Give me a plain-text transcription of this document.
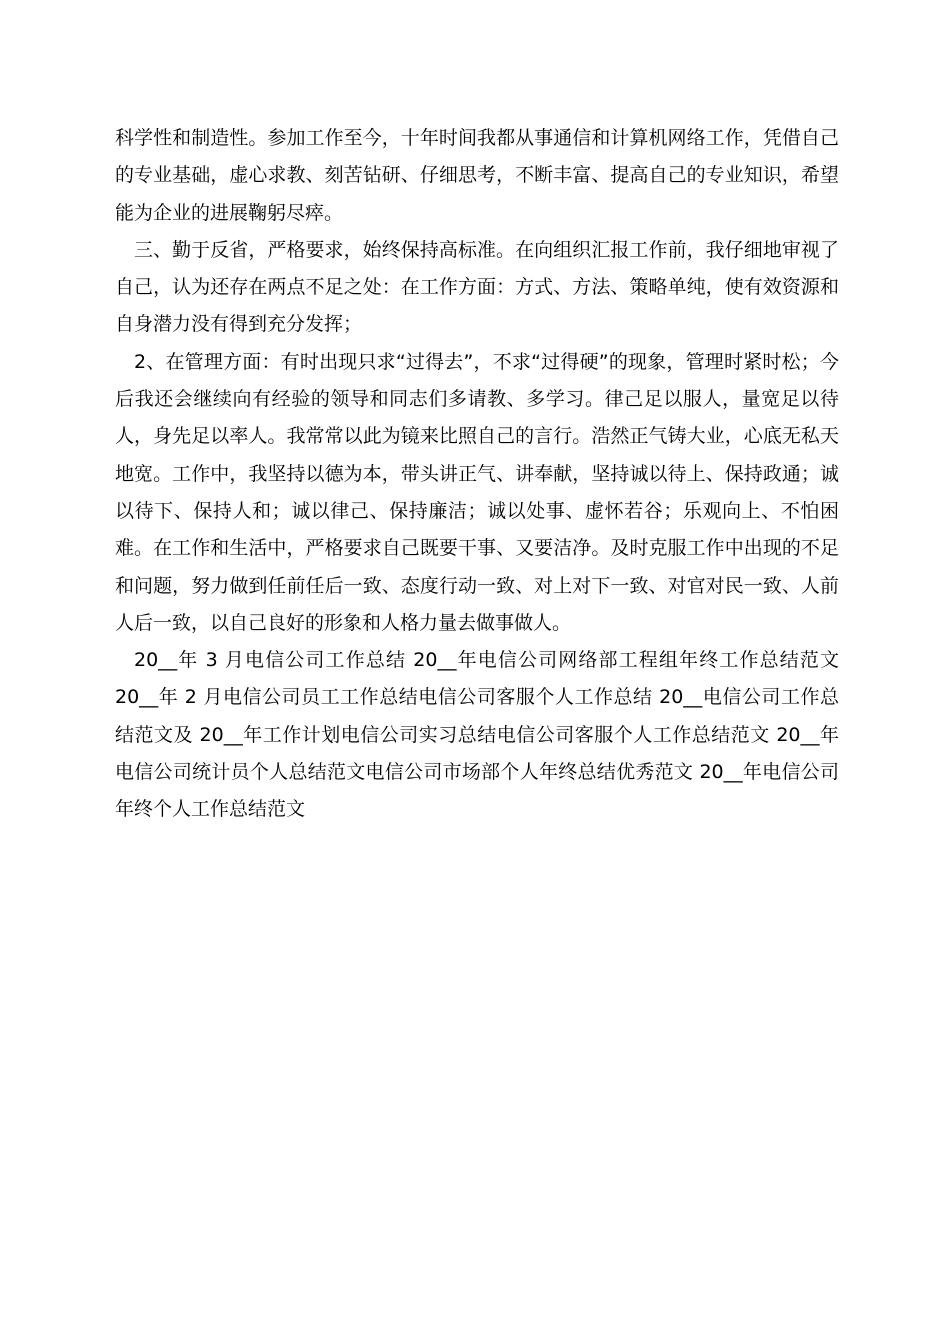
科学性和制造性。参加工作至今，十年时间我都从事通信和计算机网络工作，凭借自己的专业基础，虚心求教、刻苦钻研、仔细思考，不断丰富、提高自己的专业知识，希望能为企业的进展鞠躬尽瘁。

三、勤于反省，严格要求，始终保持高标准。在向组织汇报工作前，我仔细地审视了自己，认为还存在两点不足之处：在工作方面：方式、方法、策略单纯，使有效资源和自身潜力没有得到充分发挥；

2、在管理方面：有时出现只求“过得去”，不求“过得硬”的现象，管理时紧时松；今后我还会继续向有经验的领导和同志们多请教、多学习。律己足以服人，量宽足以待人，身先足以率人。我常常以此为镜来比照自己的言行。浩然正气铸大业，心底无私天地宽。工作中，我坚持以德为本，带头讲正气、讲奉献，坚持诚以待上、保持政通；诚以待下、保持人和；诚以律己、保持廉洁；诚以处事、虚怀若谷；乐观向上、不怕困难。在工作和生活中，严格要求自己既要干事、又要洁净。及时克服工作中出现的不足和问题，努力做到任前任后一致、态度行动一致、对上对下一致、对官对民一致、人前人后一致，以自己良好的形象和人格力量去做事做人。

20__年 3 月电信公司工作总结 20__年电信公司网络部工程组年终工作总结范文 20__年 2 月电信公司员工工作总结电信公司客服个人工作总结 20__电信公司工作总结范文及 20__年工作计划电信公司实习总结电信公司客服个人工作总结范文 20__年电信公司统计员个人总结范文电信公司市场部个人年终总结优秀范文 20__年电信公司年终个人工作总结范文
